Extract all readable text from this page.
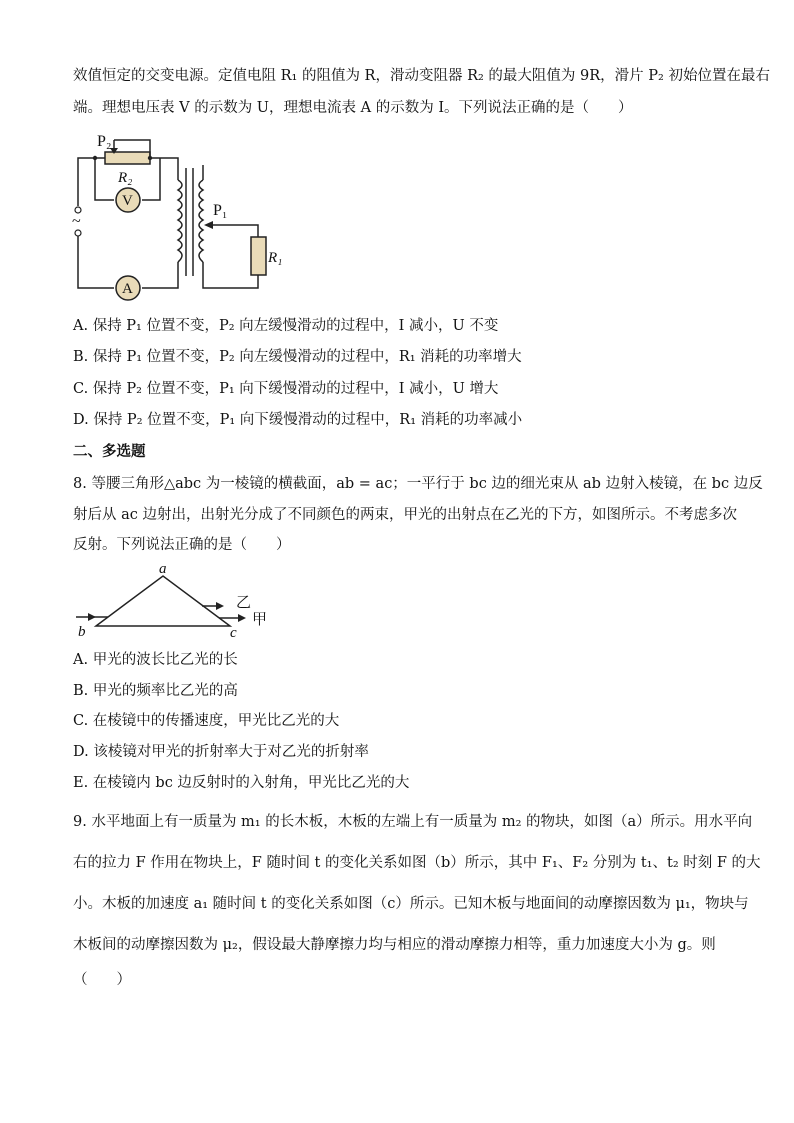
效值恒定的交变电源。定值电阻 R₁ 的阻值为 R，滑动变阻器 R₂ 的最大阻值为 9R，滑片 P₂ 初始位置在最右
端。理想电压表 V 的示数为 U，理想电流表 A 的示数为 I。下列说法正确的是（　　）
P₂
R₂
V
~
P₁
R₁
A
A. 保持 P₁ 位置不变，P₂ 向左缓慢滑动的过程中，I 减小，U 不变
B. 保持 P₁ 位置不变，P₂ 向左缓慢滑动的过程中，R₁ 消耗的功率增大
C. 保持 P₂ 位置不变，P₁ 向下缓慢滑动的过程中，I 减小，U 增大
D. 保持 P₂ 位置不变，P₁ 向下缓慢滑动的过程中，R₁ 消耗的功率减小
二、多选题
8. 等腰三角形△abc 为一棱镜的横截面，ab = ac；一平行于 bc 边的细光束从 ab 边射入棱镜，在 bc 边反
射后从 ac 边射出，出射光分成了不同颜色的两束，甲光的出射点在乙光的下方，如图所示。不考虑多次
反射。下列说法正确的是（　　）
a
b	c
乙
甲
A. 甲光的波长比乙光的长
B. 甲光的频率比乙光的高
C. 在棱镜中的传播速度，甲光比乙光的大
D. 该棱镜对甲光的折射率大于对乙光的折射率
E. 在棱镜内 bc 边反射时的入射角，甲光比乙光的大
9. 水平地面上有一质量为 m₁ 的长木板，木板的左端上有一质量为 m₂ 的物块，如图（a）所示。用水平向
右的拉力 F 作用在物块上，F 随时间 t 的变化关系如图（b）所示，其中 F₁、F₂ 分别为 t₁、t₂ 时刻 F 的大
小。木板的加速度 a₁ 随时间 t 的变化关系如图（c）所示。已知木板与地面间的动摩擦因数为 μ₁，物块与
木板间的动摩擦因数为 μ₂，假设最大静摩擦力均与相应的滑动摩擦力相等，重力加速度大小为 g。则
（　　）
